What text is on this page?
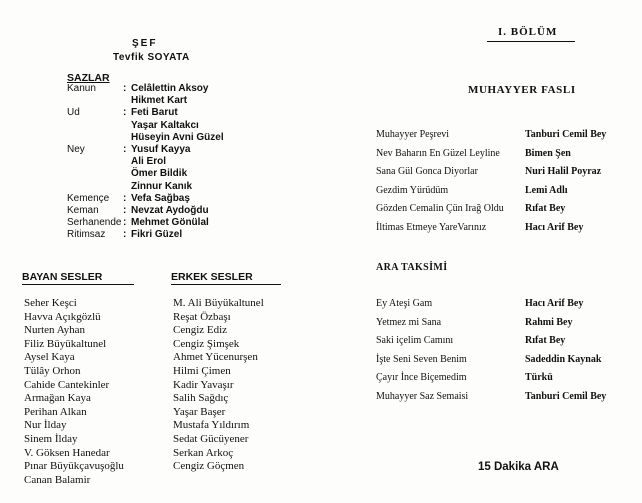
ŞEF
Tevfik SOYATA
SAZLAR
Kanun	: Celâlettin Aksoy
Hikmet Kart
Ud	: Feti Barut
Yaşar Kaltakcı
Hüseyin Avni Güzel
Ney	: Yusuf Kayya
Ali Erol
Ömer Bildik
Zinnur Kanık
Kemençe	: Vefa Sağbaş
Keman	: Nevzat Aydoğdu
Serhanende : Mehmet Gönülal
Ritimsaz	: Fikri Güzel
BAYAN SESLER	ERKEK SESLER
Seher Keşci
Havva Açıkgözlü
Nurten Ayhan
Filiz Büyükaltunel
Aysel Kaya
Tülây Orhon
Cahide Cantekinler
Armağan Kaya
Perihan Alkan
Nur İlday
Sinem İlday
V. Göksen Hanedar
Pınar Büyükçavuşoğlu
Canan Balamir
M. Ali Büyükaltunel
Reşat Özbaşı
Cengiz Ediz
Cengiz Şimşek
Ahmet Yücenurşen
Hilmi Çimen
Kadir Yavaşır
Salih Sağdıç
Yaşar Başer
Mustafa Yıldırım
Sedat Gücüyener
Serkan Arkoç
Cengiz Göçmen
I. BÖLÜM
MUHAYYER FASLI
Muhayyer Peşrevi	Tanburi Cemil Bey
Nev Baharın En Güzel Leyline	Bimen Şen
Sana Gül Gonca Diyorlar	Nuri Halil Poyraz
Gezdim Yürüdüm	Lemi Adlı
Gözden Cemalin Çün Irağ Oldu Rıfat Bey
İltimas Etmeye YareVarınız	Hacı Arif Bey
ARA TAKSİMİ
Ey Ateşi Gam	Hacı Arif Bey
Yetmez mi Sana	Rahmi Bey
Saki içelim Camını	Rıfat Bey
İşte Seni Seven Benim	Sadeddin Kaynak
Çayır İnce Biçemedim	Türkü
Muhayyer Saz Semaisi	Tanburi Cemil Bey
15 Dakika ARA
